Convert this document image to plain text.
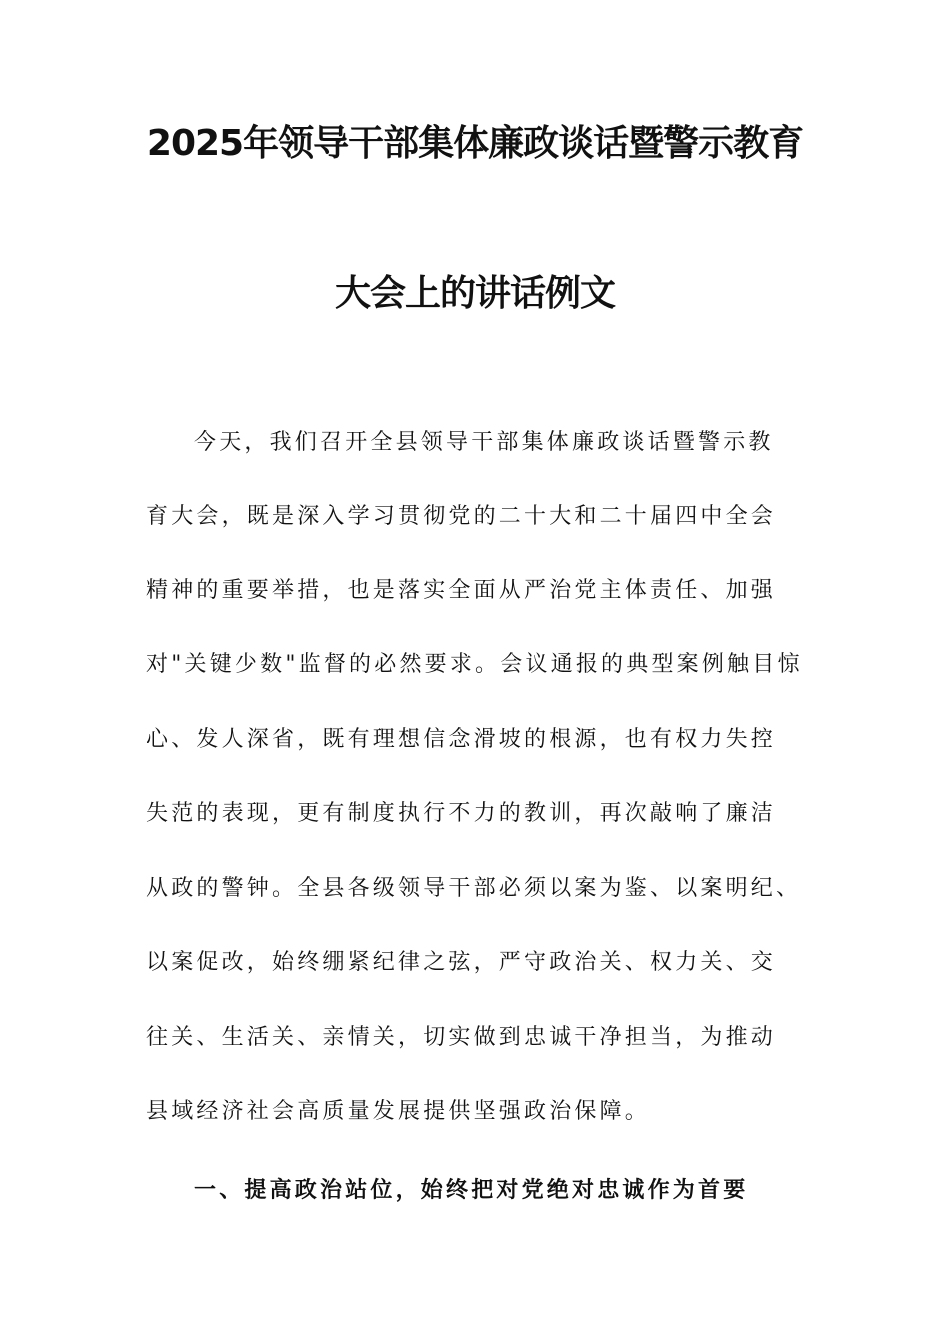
2025年领导干部集体廉政谈话暨警示教育
大会上的讲话例文

今天，我们召开全县领导干部集体廉政谈话暨警示教

育大会，既是深入学习贯彻党的二十大和二十届四中全会

精神的重要举措，也是落实全面从严治党主体责任、加强

对"关键少数"监督的必然要求。会议通报的典型案例触目惊

心、发人深省，既有理想信念滑坡的根源，也有权力失控

失范的表现，更有制度执行不力的教训，再次敲响了廉洁

从政的警钟。全县各级领导干部必须以案为鉴、以案明纪、

以案促改，始终绷紧纪律之弦，严守政治关、权力关、交

往关、生活关、亲情关，切实做到忠诚干净担当，为推动

县域经济社会高质量发展提供坚强政治保障。

一、提高政治站位，始终把对党绝对忠诚作为首要
